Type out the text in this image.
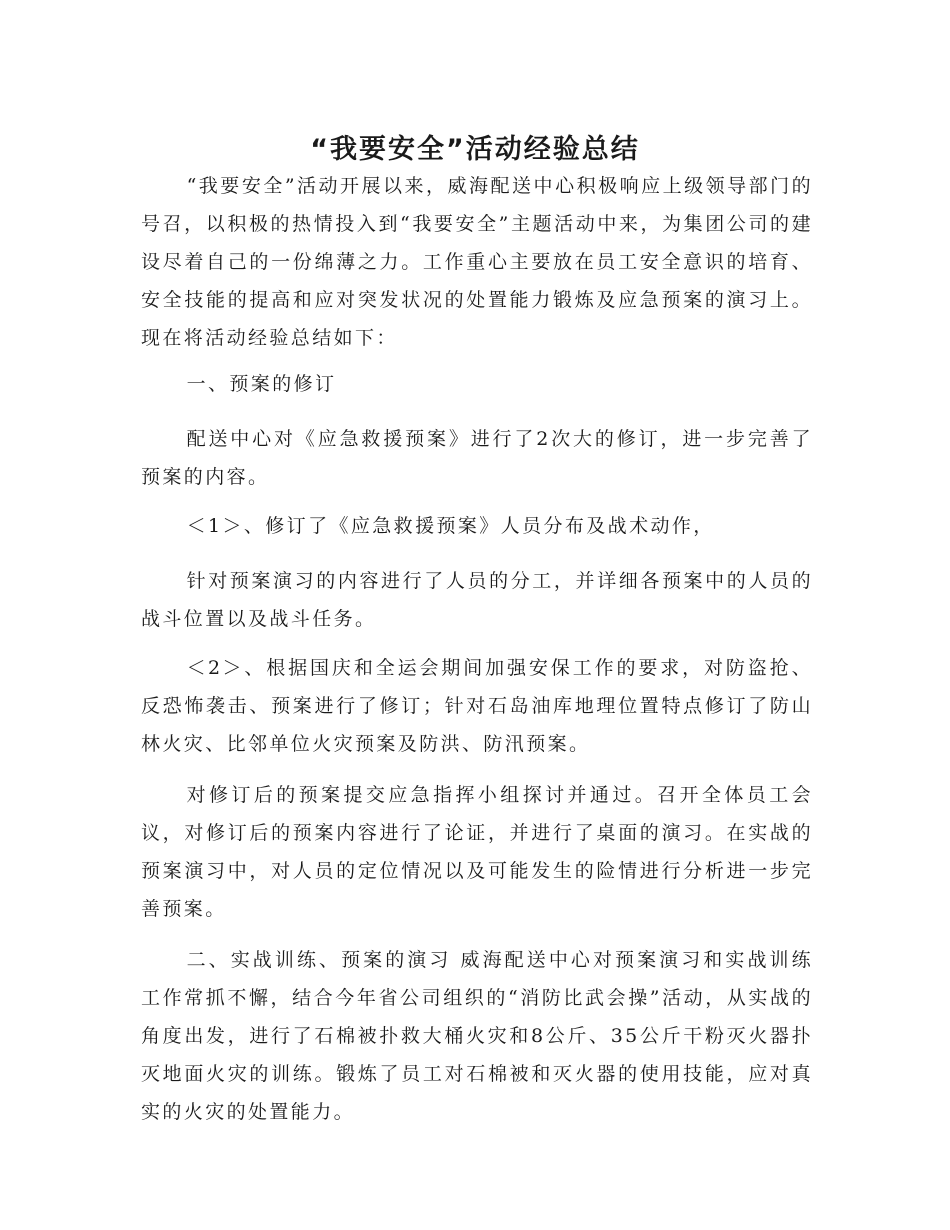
“我要安全”活动经验总结

“我要安全”活动开展以来，威海配送中心积极响应上级领导部门的号召，以积极的热情投入到“我要安全”主题活动中来，为集团公司的建设尽着自己的一份绵薄之力。工作重心主要放在员工安全意识的培育、安全技能的提高和应对突发状况的处置能力锻炼及应急预案的演习上。现在将活动经验总结如下：

一、预案的修订

配送中心对《应急救援预案》进行了2次大的修订，进一步完善了预案的内容。

＜1＞、修订了《应急救援预案》人员分布及战术动作，

针对预案演习的内容进行了人员的分工，并详细各预案中的人员的战斗位置以及战斗任务。

＜2＞、根据国庆和全运会期间加强安保工作的要求，对防盗抢、反恐怖袭击、预案进行了修订；针对石岛油库地理位置特点修订了防山林火灾、比邻单位火灾预案及防洪、防汛预案。

对修订后的预案提交应急指挥小组探讨并通过。召开全体员工会议，对修订后的预案内容进行了论证，并进行了桌面的演习。在实战的预案演习中，对人员的定位情况以及可能发生的险情进行分析进一步完善预案。

二、实战训练、预案的演习 威海配送中心对预案演习和实战训练工作常抓不懈，结合今年省公司组织的“消防比武会操”活动，从实战的角度出发，进行了石棉被扑救大桶火灾和8公斤、35公斤干粉灭火器扑灭地面火灾的训练。锻炼了员工对石棉被和灭火器的使用技能，应对真实的火灾的处置能力。
